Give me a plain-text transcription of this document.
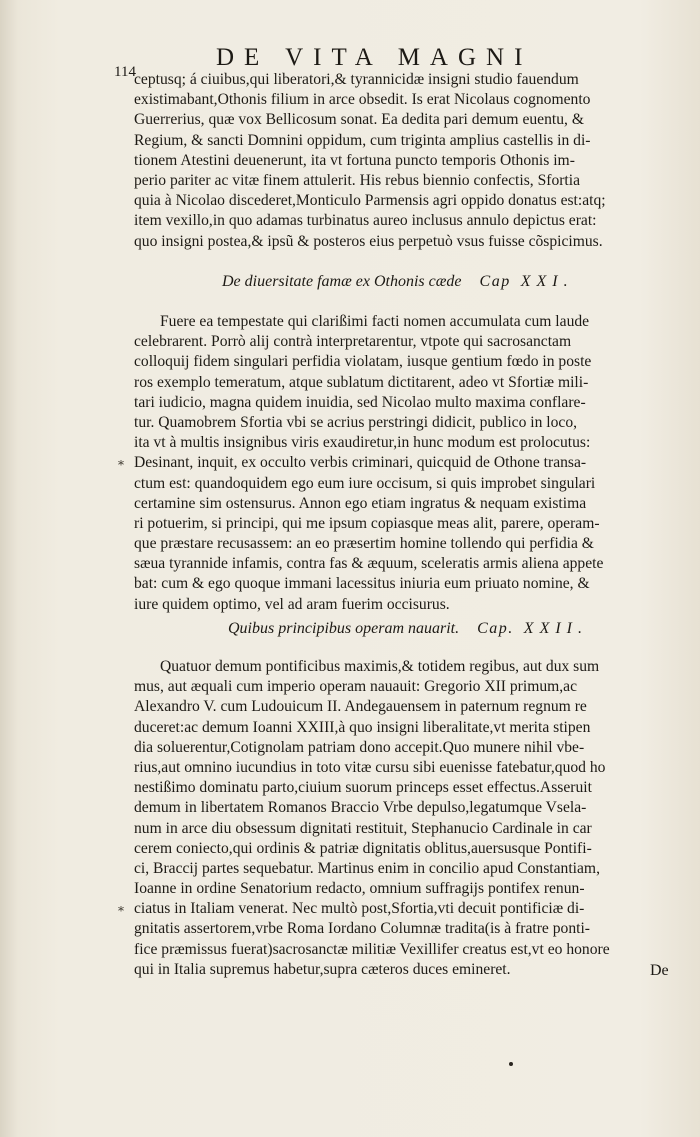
114
DE VITA MAGNI
ceptusq; á ciuibus,qui liberatori,& tyrannicidæ insigni studio fauendum
existimabant,Othonis filium in arce obsedit. Is erat Nicolaus cognomento
Guerrerius, quæ vox Bellicosum sonat. Ea dedita pari demum euentu, &
Regium, & sancti Domnini oppidum, cum triginta amplius castellis in di-
tionem Atestini deuenerunt, ita vt fortuna puncto temporis Othonis im-
perio pariter ac vitæ finem attulerit. His rebus biennio confectis, Sfortia
quia à Nicolao discederet,Monticulo Parmensis agri oppido donatus est:atq;
item vexillo,in quo adamas turbinatus aureo inclusus annulo depictus erat:
quo insigni postea,& ipsũ & posteros eius perpetuò vsus fuisse cõspicimus.
De diuersitate famæ ex Othonis cæde Cap XXI.
Fuere ea tempestate qui clarißimi facti nomen accumulata cum laude
celebrarent. Porrò alij contrà interpretarentur, vtpote qui sacrosanctam
colloquij fidem singulari perfidia violatam, iusque gentium fœdo in poste
ros exemplo temeratum, atque sublatum dictitarent, adeo vt Sfortiæ mili-
tari iudicio, magna quidem inuidia, sed Nicolao multo maxima conflare-
tur. Quamobrem Sfortia vbi se acrius perstringi didicit, publico in loco,
ita vt à multis insignibus viris exaudiretur,in hunc modum est prolocutus:
Desinant, inquit, ex occulto verbis criminari, quicquid de Othone transa-
ctum est: quandoquidem ego eum iure occisum, si quis improbet singulari
certamine sim ostensurus. Annon ego etiam ingratus & nequam existima
ri potuerim, si principi, qui me ipsum copiasque meas alit, parere, operam-
que præstare recusassem: an eo præsertim homine tollendo qui perfidia &
sæua tyrannide infamis, contra fas & æquum, sceleratis armis aliena appete
bat: cum & ego quoque immani lacessitus iniuria eum priuato nomine, &
iure quidem optimo, vel ad aram fuerim occisurus.
Quibus principibus operam nauarit. Cap. XXII.
Quatuor demum pontificibus maximis,& totidem regibus, aut dux sum
mus, aut æquali cum imperio operam nauauit: Gregorio XII primum,ac
Alexandro V. cum Ludouicum II. Andegauensem in paternum regnum re
duceret:ac demum Ioanni XXIII,à quo insigni liberalitate,vt merita stipen
dia soluerentur,Cotignolam patriam dono accepit.Quo munere nihil vbe-
rius,aut omnino iucundius in toto vitæ cursu sibi euenisse fatebatur,quod ho
nestißimo dominatu parto,ciuium suorum princeps esset effectus.Asseruit
demum in libertatem Romanos Braccio Vrbe depulso,legatumque Vsela-
num in arce diu obsessum dignitati restituit, Stephanucio Cardinale in car
cerem coniecto,qui ordinis & patriæ dignitatis oblitus,auersusque Pontifi-
ci, Braccij partes sequebatur. Martinus enim in concilio apud Constantiam,
Ioanne in ordine Senatorium redacto, omnium suffragijs pontifex renun-
ciatus in Italiam venerat. Nec multò post,Sfortia,vti decuit pontificiæ di-
gnitatis assertorem,vrbe Roma Iordano Columnæ tradita(is à fratre ponti-
fice præmissus fuerat)sacrosanctæ militiæ Vexillifer creatus est,vt eo honore
qui in Italia supremus habetur,supra cæteros duces emineret.	De
*
*
